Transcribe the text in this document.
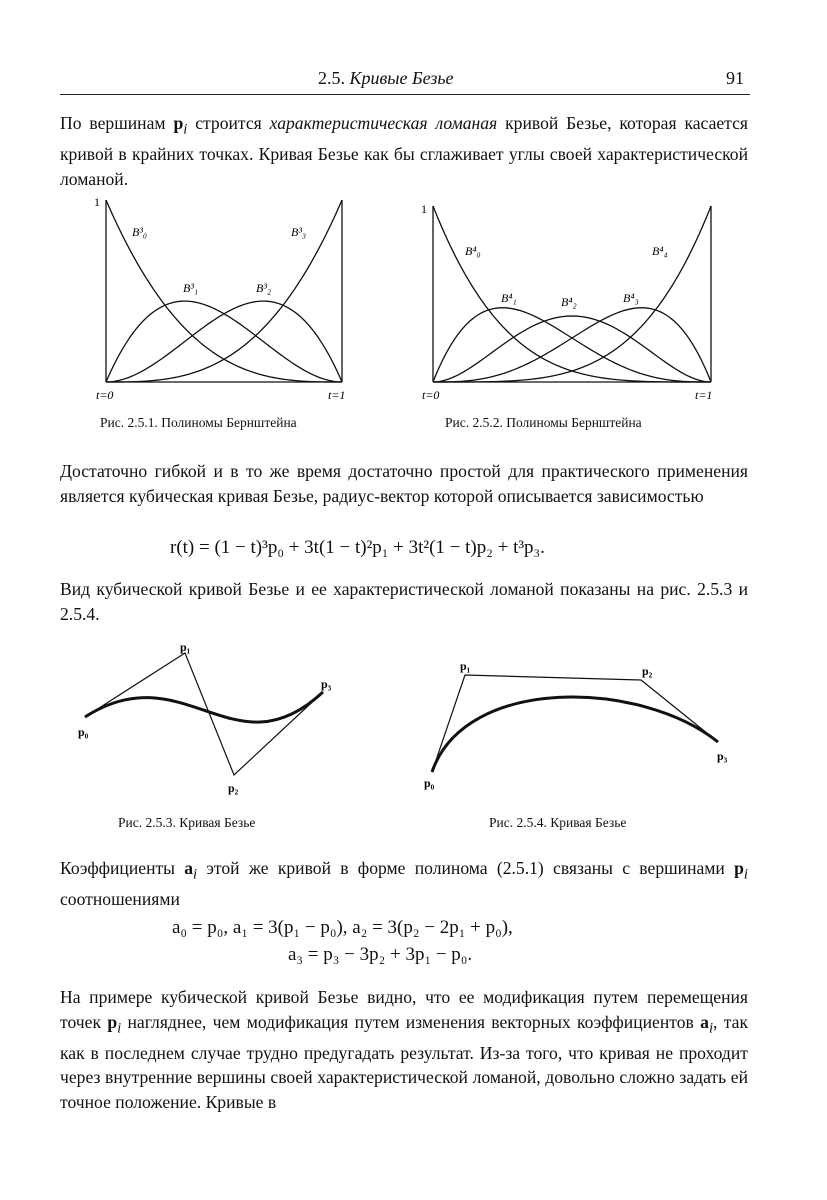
2.5. Кривые Безье	91
По вершинам $p_i$ строится характеристическая ломаная кривой Безье, которая касается кривой в крайних точках. Кривая Безье как бы сглаживает углы своей характеристической ломаной.
1
t=0	t=1
B³₀
B³₁	B³₂
B³₃
Рис. 2.5.1. Полиномы Бернштейна
1
t=0	t=1
B⁴₀
B⁴₁	B⁴₂	B⁴₃
B⁴₄
Рис. 2.5.2. Полиномы Бернштейна
Достаточно гибкой и в то же время достаточно простой для практического применения является кубическая кривая Безье, радиус-вектор которой описывается зависимостью
r(t) = (1 − t)³p₀ + 3t(1 − t)²p₁ + 3t²(1 − t)p₂ + t³p₃.
Вид кубической кривой Безье и ее характеристической ломаной показаны на рис. 2.5.3 и 2.5.4.
p₀
p₁
p₂
p₃
Рис. 2.5.3. Кривая Безье
p₀
p₁	p₂
p₃
Рис. 2.5.4. Кривая Безье
Коэффициенты $a_i$ этой же кривой в форме полинома (2.5.1) связаны с вершинами $p_i$ соотношениями
a₀ = p₀, a₁ = 3(p₁ − p₀), a₂ = 3(p₂ − 2p₁ + p₀),
a₃ = p₃ − 3p₂ + 3p₁ − p₀.
На примере кубической кривой Безье видно, что ее модификация путем перемещения точек $p_i$ нагляднее, чем модификация путем изменения векторных коэффициентов $a_i$, так как в последнем случае трудно предугадать результат. Из-за того, что кривая не проходит через внутренние вершины своей характеристической ломаной, довольно сложно задать ей точное положение. Кривые в
